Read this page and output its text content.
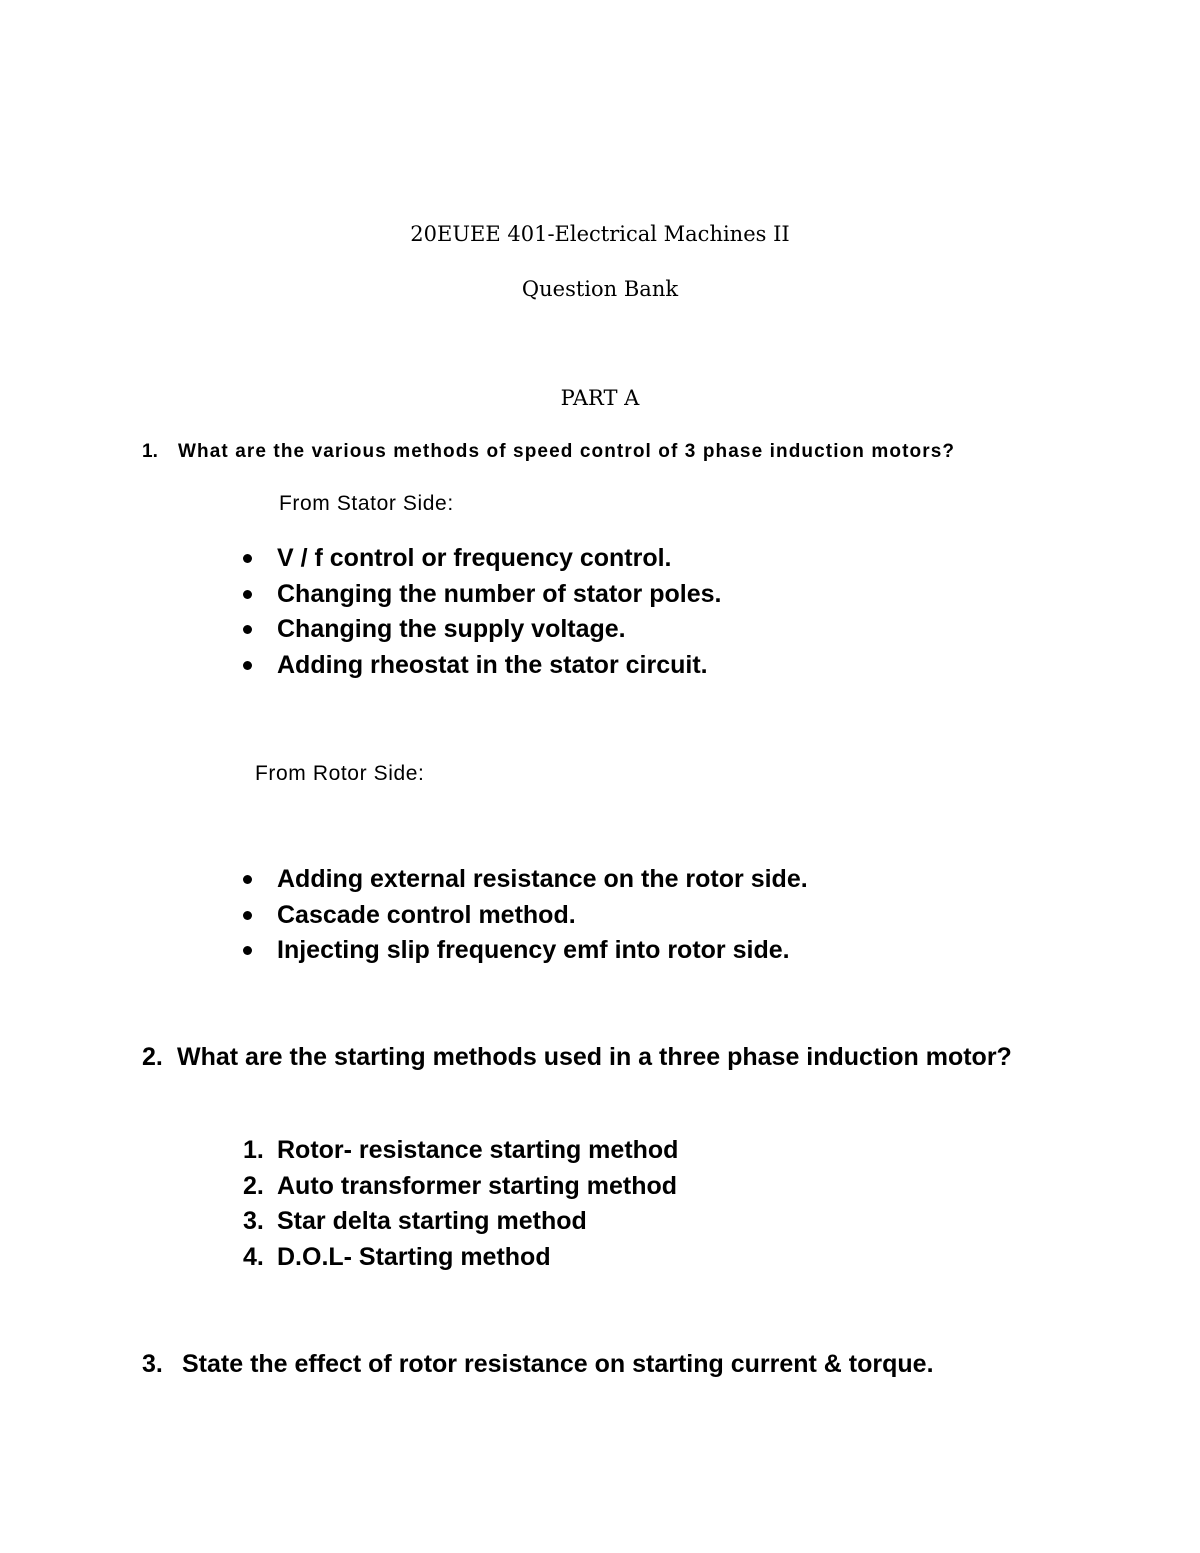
20EUEE 401-Electrical Machines II
Question Bank
PART A
1. What are the various methods of speed control of 3 phase induction motors?
From Stator Side:
V / f control or frequency control.
Changing the number of stator poles.
Changing the supply voltage.
Adding rheostat in the stator circuit.
From Rotor Side:
Adding external resistance on the rotor side.
Cascade control method.
Injecting slip frequency emf into rotor side.
2. What are the starting methods used in a three phase induction motor?
1. Rotor- resistance starting method
2. Auto transformer starting method
3. Star delta starting method
4. D.O.L- Starting method
3. State the effect of rotor resistance on starting current & torque.
